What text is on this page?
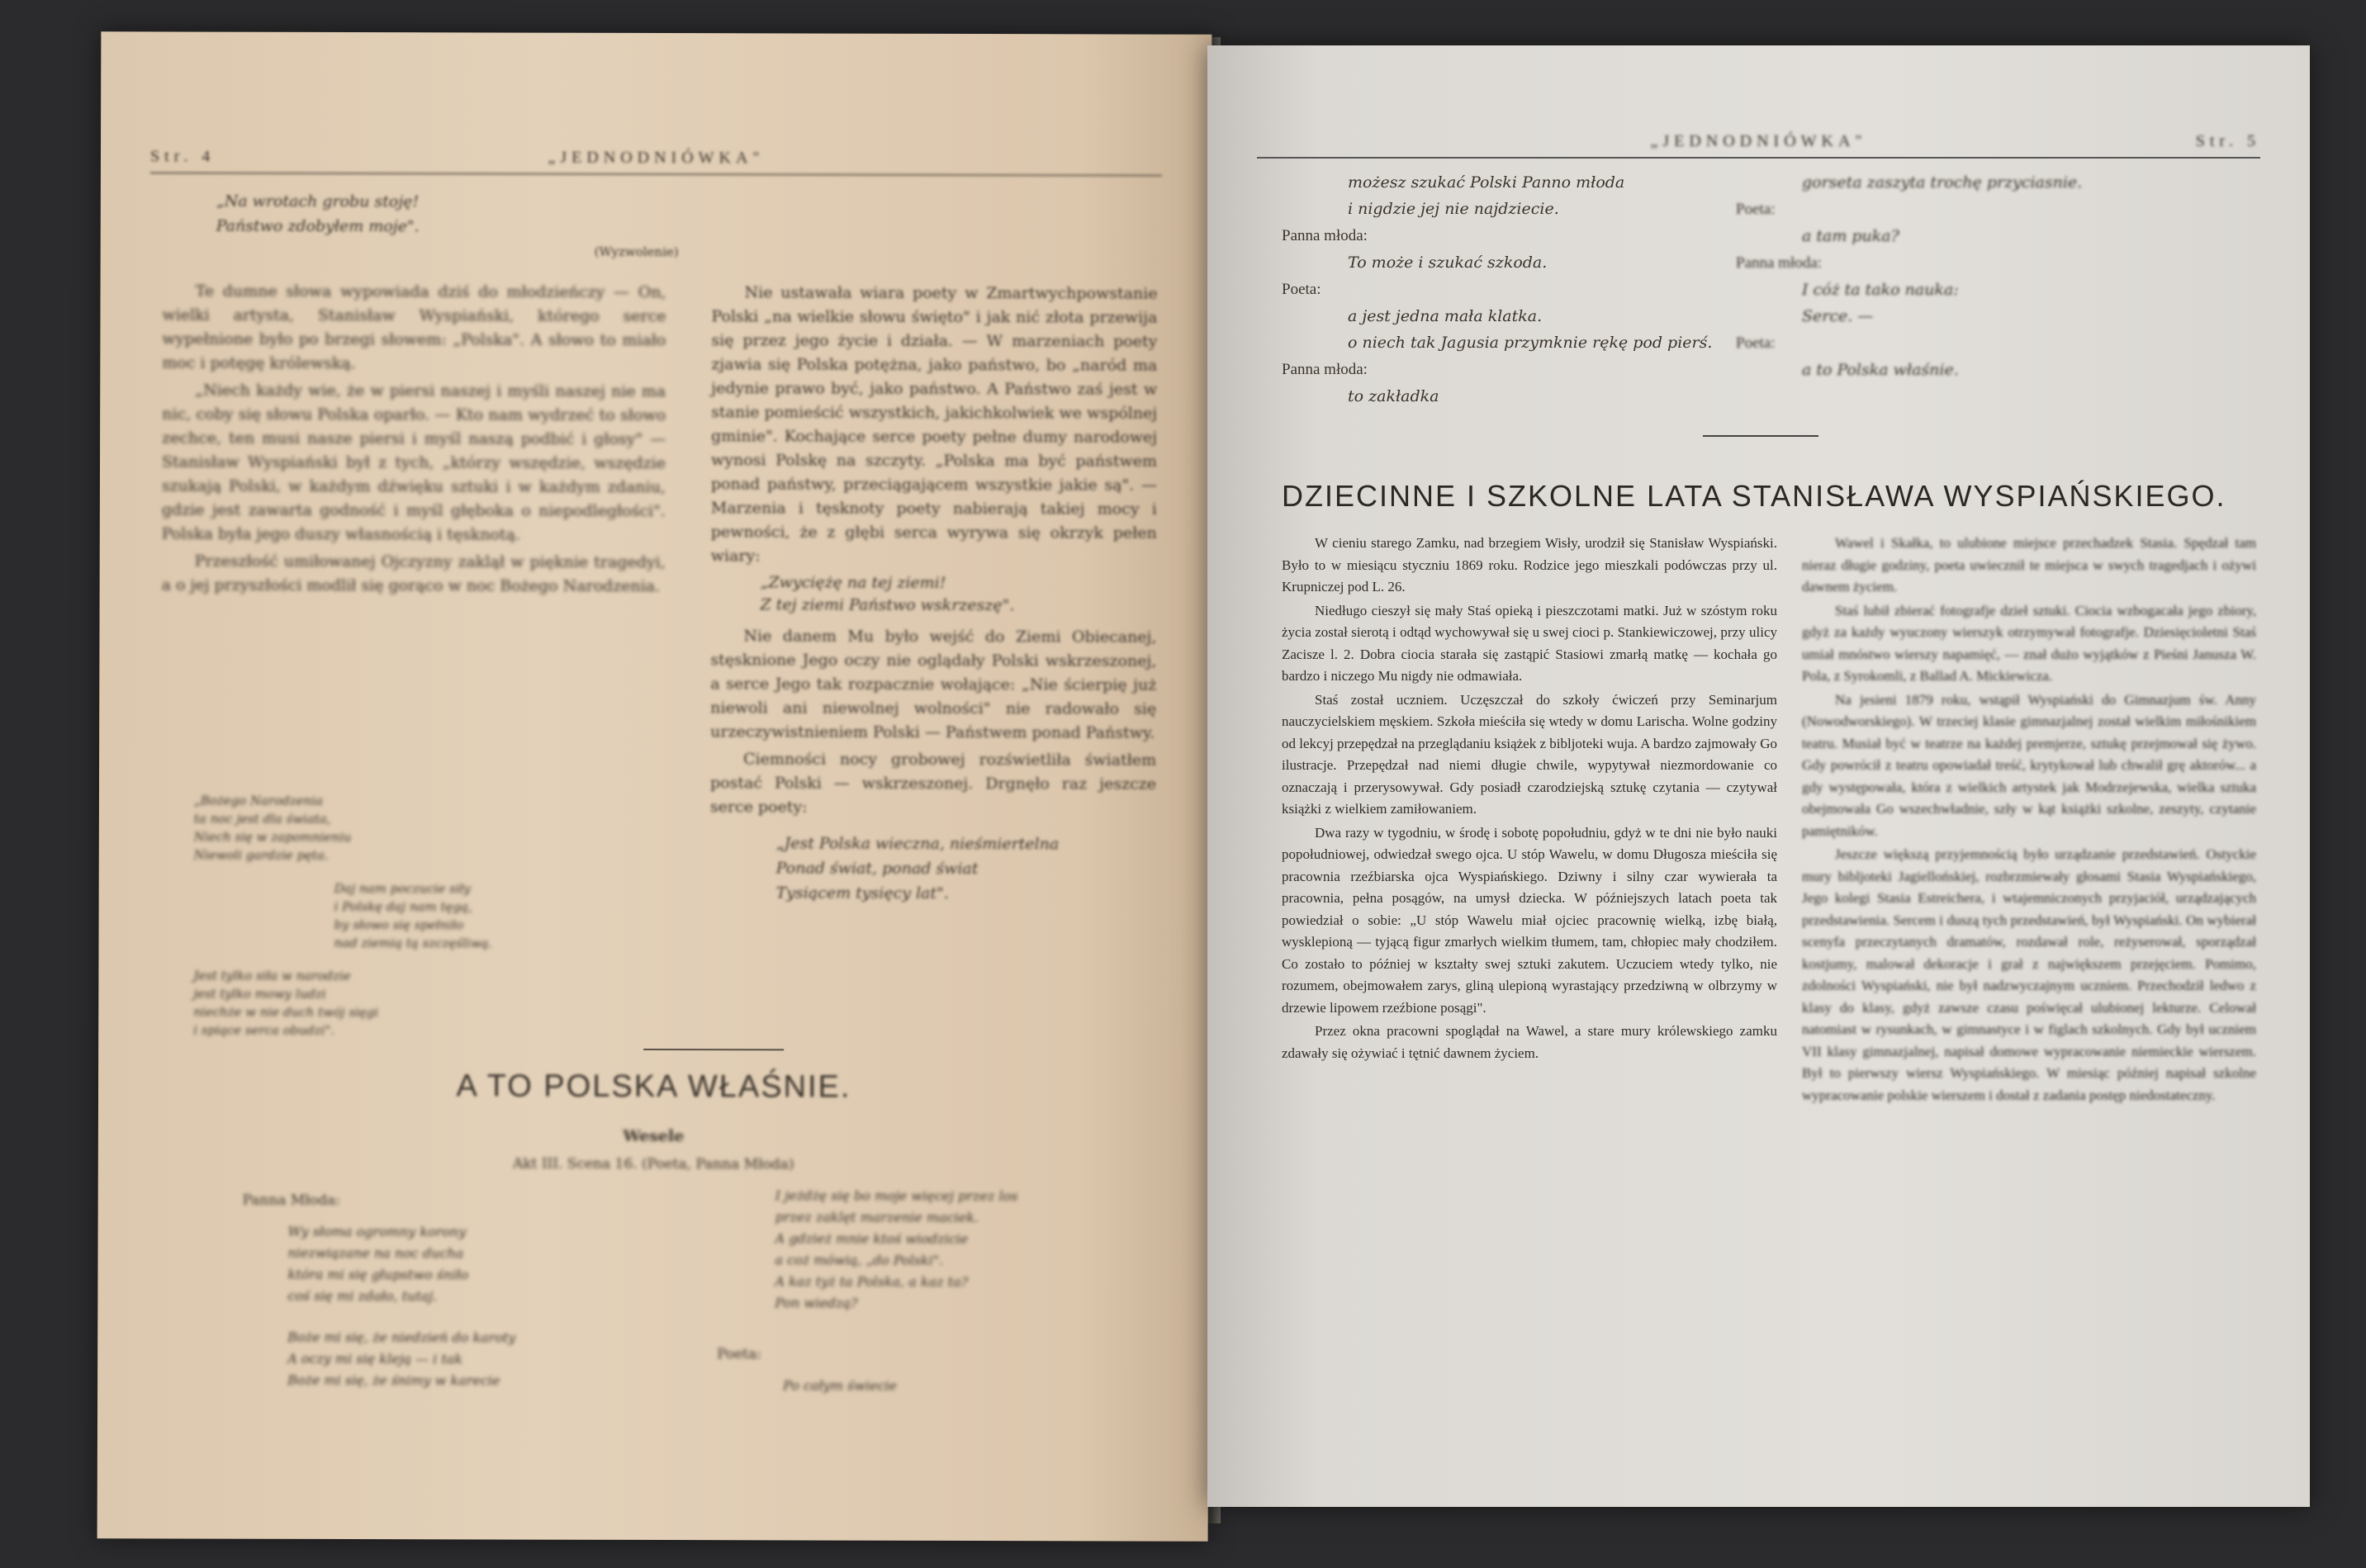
Str. 4	„JEDNODNIÓWKA"
„Na wrotach grobu stoję!
Państwo zdobyłem moje".
(Wyzwolenie)

Te dumne słowa wypowiada dziś do młodzieńczy — On, wielki artysta, Stanisław Wyspiański, którego serce wypełnione było po brzegi słowem: „Polska". A słowo to miało moc i potęgę królewską.

„Niech każdy wie, że w piersi naszej i myśli naszej nie ma nic, coby się słowu Polska oparło. — Kto nam wydrzeć to słowo zechce, ten musi nasze piersi i myśl naszą podbić i głosy" — Stanisław Wyspiański był z tych, „którzy wszędzie, wszędzie szukają Polski, w każdym dźwięku sztuki i w każdym zdaniu, gdzie jest zawarta godność i myśl głęboka o niepodległości". Polska była jego duszy własnością i tęsknotą.

Przeszłość umiłowanej Ojczyzny zaklął w pięknie tragedyi, a o jej przyszłości modlił się gorąco w noc Bożego Narodzenia.

„Bożego Narodzenia
ta noc jest dla świata,
Niech się w zapomnieniu
Niewoli gardzie pęta.
Daj nam poczucie siły
i Polskę daj nam tęgą,
by słowo się spełniło
nad ziemią tą szczęśliwą.
Jest tylko siła w narodzie
jest tylko mowy ludzi
niechże w nie duch twój sięgi
i spiące serca obudzi".

Nie ustawała wiara poety w Zmartwychpowstanie Polski „na wielkie słowu święto" i jak nić złota przewija się przez jego życie i działa. — W marzeniach poety zjawia się Polska potężna, jako państwo, bo „naród ma jedynie prawo być, jako państwo. A Państwo zaś jest w stanie pomieścić wszystkich, jakichkolwiek we wspólnej gminie". Kochające serce poety pełne dumy narodowej wynosi Polskę na szczyty. „Polska ma być państwem ponad państwy, przeciągającem wszystkie jakie są". — Marzenia i tęsknoty poety nabierają takiej mocy i pewności, że z głębi serca wyrywa się okrzyk pełen wiary:

„Zwyciężę na tej ziemi!
Z tej ziemi Państwo wskrzeszę".

Nie danem Mu było wejść do Ziemi Obiecanej, stęsknione Jego oczy nie oglądały Polski wskrzeszonej, a serce Jego tak rozpacznie wołające: „Nie ścierpię już niewoli ani niewolnej wolności" nie radowało się urzeczywistnieniem Polski — Państwem ponad Państwy.

Ciemności nocy grobowej rozświetliła światłem postać Polski — wskrzeszonej. Drgnęło raz jeszcze serce poety:

„Jest Polska wieczna, nieśmiertelna
Ponad świat, ponad świat
Tysiącem tysięcy lat".
A TO POLSKA WŁAŚNIE.
Wesele
Akt III. Scena 16. (Poeta, Panna Młoda)
Panna Młoda:
Wy słoma ogromny korony
niezwiązane na noc ducha
która mi się głupstwo śniło
coś się mi zdało, tutaj.
Boże mi się, że niedzień do karoty
A oczy mi się kleją — i tak
Boże mi się, że śnimy w karecie
I jeżdżę się bo moje więcej przez los
przez zaklęt marzenie maciek.
A gdzież mnie ktoś wiodzicie
a coż mówią, „do Polski".
A kaz tyż ta Polska, a kaz ta?
Pon wiedzą?
Poeta:
Po całym świecie
„JEDNODNIÓWKA"	Str. 5
możesz szukać Polski Panno młoda
i nigdzie jej nie najdziecie.
Panna młoda:
To może i szukać szkoda.
Poeta:
a jest jedna mała klatka.
o niech tak Jagusia przymknie rękę pod pierś.
Panna młoda:
to zakładka
gorseta zaszyta trochę przyciasnie.
Poeta:
a tam puka?
Panna młoda:
I cóż ta tako nauka:
Serce. —
Poeta:
a to Polska właśnie.
DZIECINNE I SZKOLNE LATA STANISŁAWA WYSPIAŃSKIEGO.

W cieniu starego Zamku, nad brzegiem Wisły, urodził się Stanisław Wyspiański. Było to w miesiącu styczniu 1869 roku. Rodzice jego mieszkali podówczas przy ul. Krupniczej pod L. 26.

Niedługo cieszył się mały Staś opieką i pieszczotami matki. Już w szóstym roku życia został sierotą i odtąd wychowywał się u swej cioci p. Stankiewiczowej, przy ulicy Zacisze l. 2. Dobra ciocia starała się zastąpić Stasiowi zmarłą matkę — kochała go bardzo i niczego Mu nigdy nie odmawiała.

Staś został uczniem. Uczęszczał do szkoły ćwiczeń przy Seminarjum nauczycielskiem męskiem. Szkoła mieściła się wtedy w domu Larischa. Wolne godziny od lekcyj przepędzał na przeglądaniu książek z bibljoteki wuja. A bardzo zajmowały Go ilustracje. Przepędzał nad niemi długie chwile, wypytywał niezmordowanie co oznaczają i przerysowywał. Gdy posiadł czarodziejską sztukę czytania — czytywał książki z wielkiem zamiłowaniem.

Dwa razy w tygodniu, w środę i sobotę popołudniu, gdyż w te dni nie było nauki popołudniowej, odwiedzał swego ojca. U stóp Wawelu, w domu Długosza mieściła się pracownia rzeźbiarska ojca Wyspiańskiego. Dziwny i silny czar wywierała ta pracownia, pełna posągów, na umysł dziecka. W późniejszych latach poeta tak powiedział o sobie: „U stóp Wawelu miał ojciec pracownię wielką, izbę białą, wysklepioną — tyjącą figur zmarłych wielkim tłumem, tam, chłopiec mały chodziłem. Co zostało to później w kształty swej sztuki zakutem. Uczuciem wtedy tylko, nie rozumem, obejmowałem zarys, gliną ulepioną wyrastający przedziwną w olbrzymy w drzewie lipowem rzeźbione posągi".

Przez okna pracowni spoglądał na Wawel, a stare mury królewskiego zamku zdawały się ożywiać i tętnić dawnem życiem.

Wawel i Skałka, to ulubione miejsce przechadzek Stasia. Spędzał tam nieraz długie godziny, poeta uwiecznił te miejsca w swych tragedjach i ożywi dawnem życiem.

Staś lubił zbierać fotografje dzieł sztuki. Ciocia wzbogacała jego zbiory, gdyż za każdy wyuczony wierszyk otrzymywał fotografje. Dziesięcioletni Staś umiał mnóstwo wierszy napamięć, — znał dużo wyjątków z Pieśni Janusza W. Pola, z Syrokomli, z Ballad A. Mickiewicza.

Na jesieni 1879 roku, wstąpił Wyspiański do Gimnazjum św. Anny (Nowodworskiego). W trzeciej klasie gimnazjalnej został wielkim miłośnikiem teatru. Musiał być w teatrze na każdej premjerze, sztukę przejmował się żywo. Gdy powrócił z teatru opowiadał treść, krytykował lub chwalił grę aktorów... a gdy występowała, która z wielkich artystek jak Modrzejewska, wielka sztuka obejmowała Go wszechwładnie, szły w kąt książki szkolne, zeszyty, czytanie pamiętników.

Jeszcze większą przyjemnością było urządzanie przedstawień. Ostyckie mury bibljoteki Jagiellońskiej, rozbrzmiewały głosami Stasia Wyspiańskiego, Jego kolegi Stasia Estreichera, i wtajemniczonych przyjaciół, urządzających przedstawienia. Sercem i duszą tych przedstawień, był Wyspiański. On wybierał scenyfa przeczytanych dramatów, rozdawał role, reżyserował, sporządzał kostjumy, malował dekoracje i grał z największem przejęciem. Pomimo, zdolności Wyspiański, nie był nadzwyczajnym uczniem. Przechodził ledwo z klasy do klasy, gdyż zawsze czasu poświęcał ulubionej lekturze. Celował natomiast w rysunkach, w gimnastyce i w figlach szkolnych. Gdy był uczniem VII klasy gimnazjalnej, napisał domowe wypracowanie niemieckie wierszem. Był to pierwszy wiersz Wyspiańskiego. W miesiąc później napisał szkolne wypracowanie polskie wierszem i dostał z zadania postęp niedostateczny.
